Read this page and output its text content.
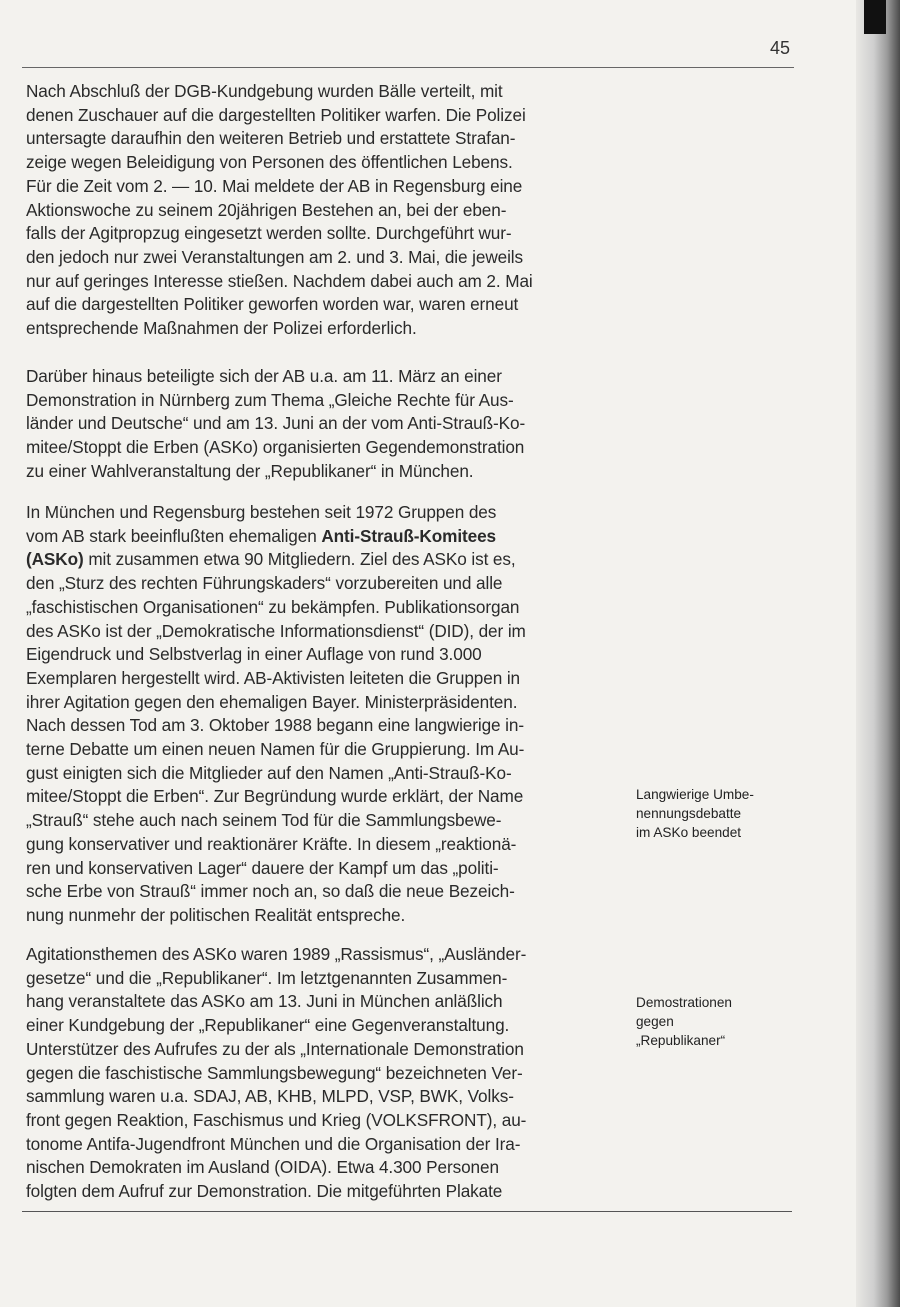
45

Nach Abschluß der DGB-Kundgebung wurden Bälle verteilt, mit
denen Zuschauer auf die dargestellten Politiker warfen. Die Polizei
untersagte daraufhin den weiteren Betrieb und erstattete Strafan-
zeige wegen Beleidigung von Personen des öffentlichen Lebens.
Für die Zeit vom 2. — 10. Mai meldete der AB in Regensburg eine
Aktionswoche zu seinem 20jährigen Bestehen an, bei der eben-
falls der Agitpropzug eingesetzt werden sollte. Durchgeführt wur-
den jedoch nur zwei Veranstaltungen am 2. und 3. Mai, die jeweils
nur auf geringes Interesse stießen. Nachdem dabei auch am 2. Mai
auf die dargestellten Politiker geworfen worden war, waren erneut
entsprechende Maßnahmen der Polizei erforderlich.

Darüber hinaus beteiligte sich der AB u.a. am 11. März an einer
Demonstration in Nürnberg zum Thema „Gleiche Rechte für Aus-
länder und Deutsche“ und am 13. Juni an der vom Anti-Strauß-Ko-
mitee/Stoppt die Erben (ASKo) organisierten Gegendemonstration
zu einer Wahlveranstaltung der „Republikaner“ in München.

In München und Regensburg bestehen seit 1972 Gruppen des
vom AB stark beeinflußten ehemaligen Anti-Strauß-Komitees
(ASKo) mit zusammen etwa 90 Mitgliedern. Ziel des ASKo ist es,
den „Sturz des rechten Führungskaders“ vorzubereiten und alle
„faschistischen Organisationen“ zu bekämpfen. Publikationsorgan
des ASKo ist der „Demokratische Informationsdienst“ (DID), der im
Eigendruck und Selbstverlag in einer Auflage von rund 3.000
Exemplaren hergestellt wird. AB-Aktivisten leiteten die Gruppen in
ihrer Agitation gegen den ehemaligen Bayer. Ministerpräsidenten.
Nach dessen Tod am 3. Oktober 1988 begann eine langwierige in-
terne Debatte um einen neuen Namen für die Gruppierung. Im Au-
gust einigten sich die Mitglieder auf den Namen „Anti-Strauß-Ko-
mitee/Stoppt die Erben“. Zur Begründung wurde erklärt, der Name
„Strauß“ stehe auch nach seinem Tod für die Sammlungsbewe-
gung konservativer und reaktionärer Kräfte. In diesem „reaktionä-
ren und konservativen Lager“ dauere der Kampf um das „politi-
sche Erbe von Strauß“ immer noch an, so daß die neue Bezeich-
nung nunmehr der politischen Realität entspreche.

Agitationsthemen des ASKo waren 1989 „Rassismus“, „Ausländer-
gesetze“ und die „Republikaner“. Im letztgenannten Zusammen-
hang veranstaltete das ASKo am 13. Juni in München anläßlich
einer Kundgebung der „Republikaner“ eine Gegenveranstaltung.
Unterstützer des Aufrufes zu der als „Internationale Demonstration
gegen die faschistische Sammlungsbewegung“ bezeichneten Ver-
sammlung waren u.a. SDAJ, AB, KHB, MLPD, VSP, BWK, Volks-
front gegen Reaktion, Faschismus und Krieg (VOLKSFRONT), au-
tonome Antifa-Jugendfront München und die Organisation der Ira-
nischen Demokraten im Ausland (OIDA). Etwa 4.300 Personen
folgten dem Aufruf zur Demonstration. Die mitgeführten Plakate

Langwierige Umbe-
nennungsdebatte
im ASKo beendet
Demostrationen
gegen
„Republikaner“
